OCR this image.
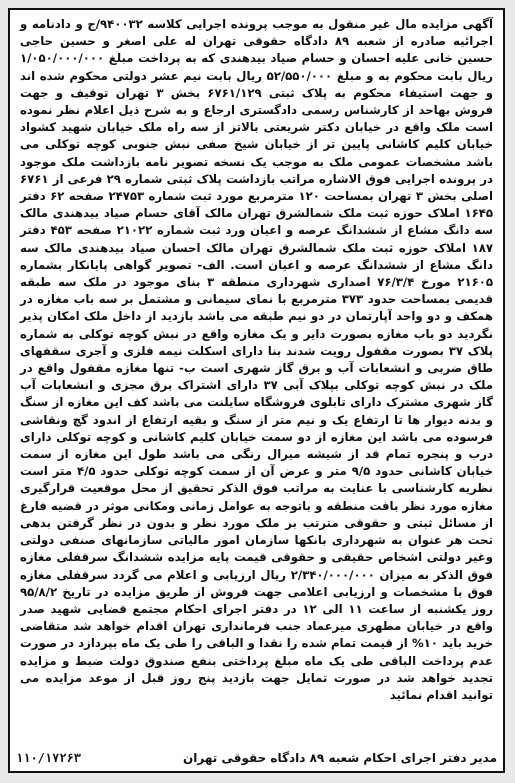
آگهی مزایده مال غیر منقول به موجب پرونده اجرایی کلاسه ۹۴۰۰۳۲/ج و دادنامه و اجرائیه صادره از شعبه ۸۹ دادگاه حقوقی تهران له علی اصغر و حسین حاجی حسین خانی علیه احسان و حسام صیاد بیدهندی که به پرداخت مبلغ ۱/۰۵۰/۰۰۰/۰۰۰ ریال بابت محکوم به و مبلغ ۵۲/۵۵۰/۰۰۰ ریال بابت نیم عشر دولتی محکوم شده اند و جهت استیفاء محکوم به پلاک ثبتی ۶۷۶۱/۱۲۹ بخش ۳ تهران توقیف و جهت فروش بهاحد از کارشناس رسمی دادگستری ارجاع و به شرح ذیل اعلام نظر نموده است ملک واقع در خیابان دکتر شریعتی بالاتر از سه راه ملک خیابان شهید کشواد خیابان کلیم کاشانی پایین تر از خیابان شیخ صفی نبش جنوبی کوچه توکلی می باشد مشخصات عمومی ملک به موجب یک نسخه تصویر نامه بازداشت ملک موجود در پرونده اجرایی فوق الاشاره مراتب بازداشت پلاک ثبتی شماره ۲۹ فرعی از ۶۷۶۱ اصلی بخش ۳ تهران بمساحت ۱۲۰ مترمربع مورد ثبت شماره ۲۴۷۵۳ صفحه ۶۲ دفتر ۱۶۴۵ املاک حوزه ثبت ملک شمالشرق تهران مالک آقای حسام صیاد بیدهندی مالک سه دانگ مشاع از ششدانگ عرصه و اعیان ورد ثبت شماره ۲۱۰۲۲ صفحه ۴۵۳ دفتر ۱۸۷ املاک حوزه ثبت ملک شمالشرق تهران مالک احسان صیاد بیدهندی مالک سه دانگ مشاع از ششدانگ عرصه و اعیان است. الف- تصویر گواهی پایانکار بشماره ۲۱۶۰۵ مورخ ۷۶/۳/۴ اصداری شهرداری منطقه ۳ بنای موجود در ملک سه طبقه قدیمی بمساحت حدود ۳۷۳ مترمربع با نمای سیمانی و مشتمل بر سه باب مغازه در همکف و دو واحد آپارتمان در دو نیم طبقه می باشد بازدید از داخل ملک امکان پذیر نگردید دو باب مغازه بصورت دایر و یک مغازه واقع در نبش کوچه توکلی به شماره پلاک ۳۷ بصورت مقفول رویت شدند بنا دارای اسکلت نیمه فلزی و آجری سقفهای طاق ضربی و انشعابات آب و برق گاز شهری است ب- تنها مغازه مقفول واقع در ملک در نبش کوچه توکلی بپلاک آبی ۳۷ دارای اشتراک برق مجزی و انشعابات آب گاز شهری مشترک دارای تابلوی فروشگاه سایلنت می باشد کف این مغازه از سنگ و بدنه دیوار ها تا ارتفاع یک و نیم متر از سنگ و بقیه ارتفاع از اندود گچ ونقاشی فرسوده می باشد این مغازه از دو سمت خیابان کلیم کاشانی و کوچه توکلی دارای درب و پنجره تمام قد از شیشه میرال رنگی می باشد طول این مغازه از سمت خیابان کاشانی حدود ۹/۵ متر و عرض آن از سمت کوچه توکلی حدود ۴/۵ متر است نظریه کارشناسی با عنایت به مراتب فوق الذکر تحقیق از محل موقعیت قرارگیری مغازه مورد نظر بافت منطقه و باتوجه به عوامل زمانی ومکانی موثر در قضیه فارغ از مسائل ثبتی و حقوقی مترتب بر ملک مورد نظر و بدون در نظر گرفتن بدهی تحت هر عنوان به شهرداری بانکها سازمان امور مالیاتی سازمانهای صنفی دولتی وغیر دولتی اشخاص حقیقی و حقوقی قیمت پایه مزایده ششدانگ سرقفلی مغازه فوق الذکر به میزان ۲/۳۴۰/۰۰۰/۰۰۰ ریال ارزیابی و اعلام می گردد سرقفلی مغازه فوق با مشخصات و ارزیابی اعلامی جهت فروش از طریق مزایده در تاریخ ۹۵/۸/۲ روز یکشنبه از ساعت ۱۱ الی ۱۲ در دفتر اجرای احکام مجتمع قضایی شهید صدر واقع در خیابان مطهری میرعماد جنب فرمانداری تهران اقدام خواهد شد متقاضی خرید باید ۱۰% از قیمت تمام شده را نقدا و الباقی را طی یک ماه بپردازد در صورت عدم پرداخت الباقی طی یک ماه مبلغ پرداختی بنفع صندوق دولت ضبط و مزایده تجدید خواهد شد در صورت تمایل جهت بازدید پنج روز قبل از موعد مزایده می توانید اقدام نمائید

مدیر دفتر اجرای احکام شعبه ۸۹ دادگاه حقوقی تهران
۱۱۰/۱۷۲۶۳
